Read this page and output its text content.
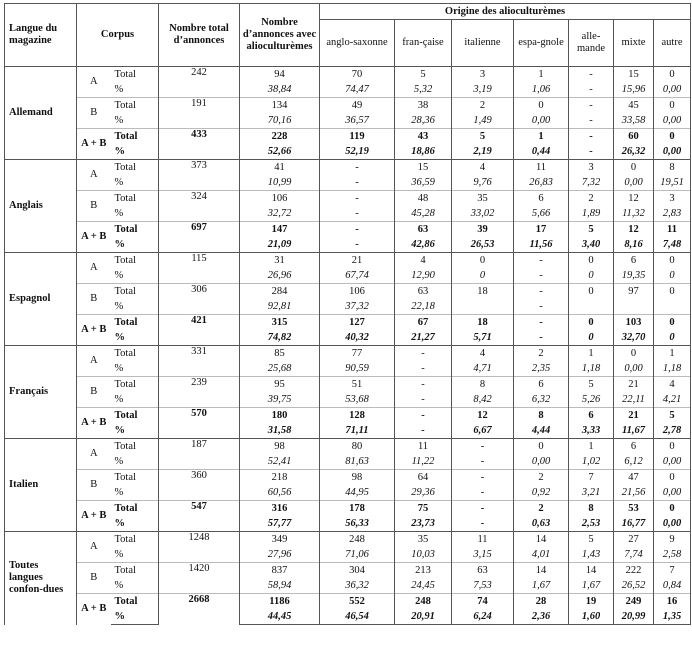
Langue du magazine	Corpus		Nombre total d’annonces	Nombre d’annonces avec alioculturèmes	Origine des alioculturèmes						
					anglo-saxonne	fran-çaise	italienne	espa-gnole	alle-mande	mixte	autre
Allemand	A	Total	242	94	70	5	3	1	-	15	0
		%		38,84	74,47	5,32	3,19	1,06	-	15,96	0,00
	B	Total	191	134	49	38	2	0	-	45	0
		%		70,16	36,57	28,36	1,49	0,00	-	33,58	0,00
	A + B	Total	433	228	119	43	5	1	-	60	0
		%		52,66	52,19	18,86	2,19	0,44	-	26,32	0,00
Anglais	A	Total	373	41	-	15	4	11	3	0	8
		%		10,99	-	36,59	9,76	26,83	7,32	0,00	19,51
	B	Total	324	106	-	48	35	6	2	12	3
		%		32,72	-	45,28	33,02	5,66	1,89	11,32	2,83
	A + B	Total	697	147	-	63	39	17	5	12	11
		%		21,09	-	42,86	26,53	11,56	3,40	8,16	7,48
Espagnol	A	Total	115	31	21	4	0	-	0	6	0
		%		26,96	67,74	12,90	0	-	0	19,35	0
	B	Total	306	284	106	63	18	-	0	97	0
		%		92,81	37,32	22,18		-			
	A + B	Total	421	315	127	67	18	-	0	103	0
		%		74,82	40,32	21,27	5,71	-	0	32,70	0
Français	A	Total	331	85	77	-	4	2	1	0	1
		%		25,68	90,59	-	4,71	2,35	1,18	0,00	1,18
	B	Total	239	95	51	-	8	6	5	21	4
		%		39,75	53,68	-	8,42	6,32	5,26	22,11	4,21
	A + B	Total	570	180	128	-	12	8	6	21	5
		%		31,58	71,11	-	6,67	4,44	3,33	11,67	2,78
Italien	A	Total	187	98	80	11	-	0	1	6	0
		%		52,41	81,63	11,22	-	0,00	1,02	6,12	0,00
	B	Total	360	218	98	64	-	2	7	47	0
		%		60,56	44,95	29,36	-	0,92	3,21	21,56	0,00
	A + B	Total	547	316	178	75	-	2	8	53	0
		%		57,77	56,33	23,73	-	0,63	2,53	16,77	0,00
Toutes langues confon-dues	A	Total	1248	349	248	35	11	14	5	27	9
		%		27,96	71,06	10,03	3,15	4,01	1,43	7,74	2,58
	B	Total	1420	837	304	213	63	14	14	222	7
		%		58,94	36,32	24,45	7,53	1,67	1,67	26,52	0,84
	A + B	Total	2668	1186	552	248	74	28	19	249	16
		%		44,45	46,54	20,91	6,24	2,36	1,60	20,99	1,35
